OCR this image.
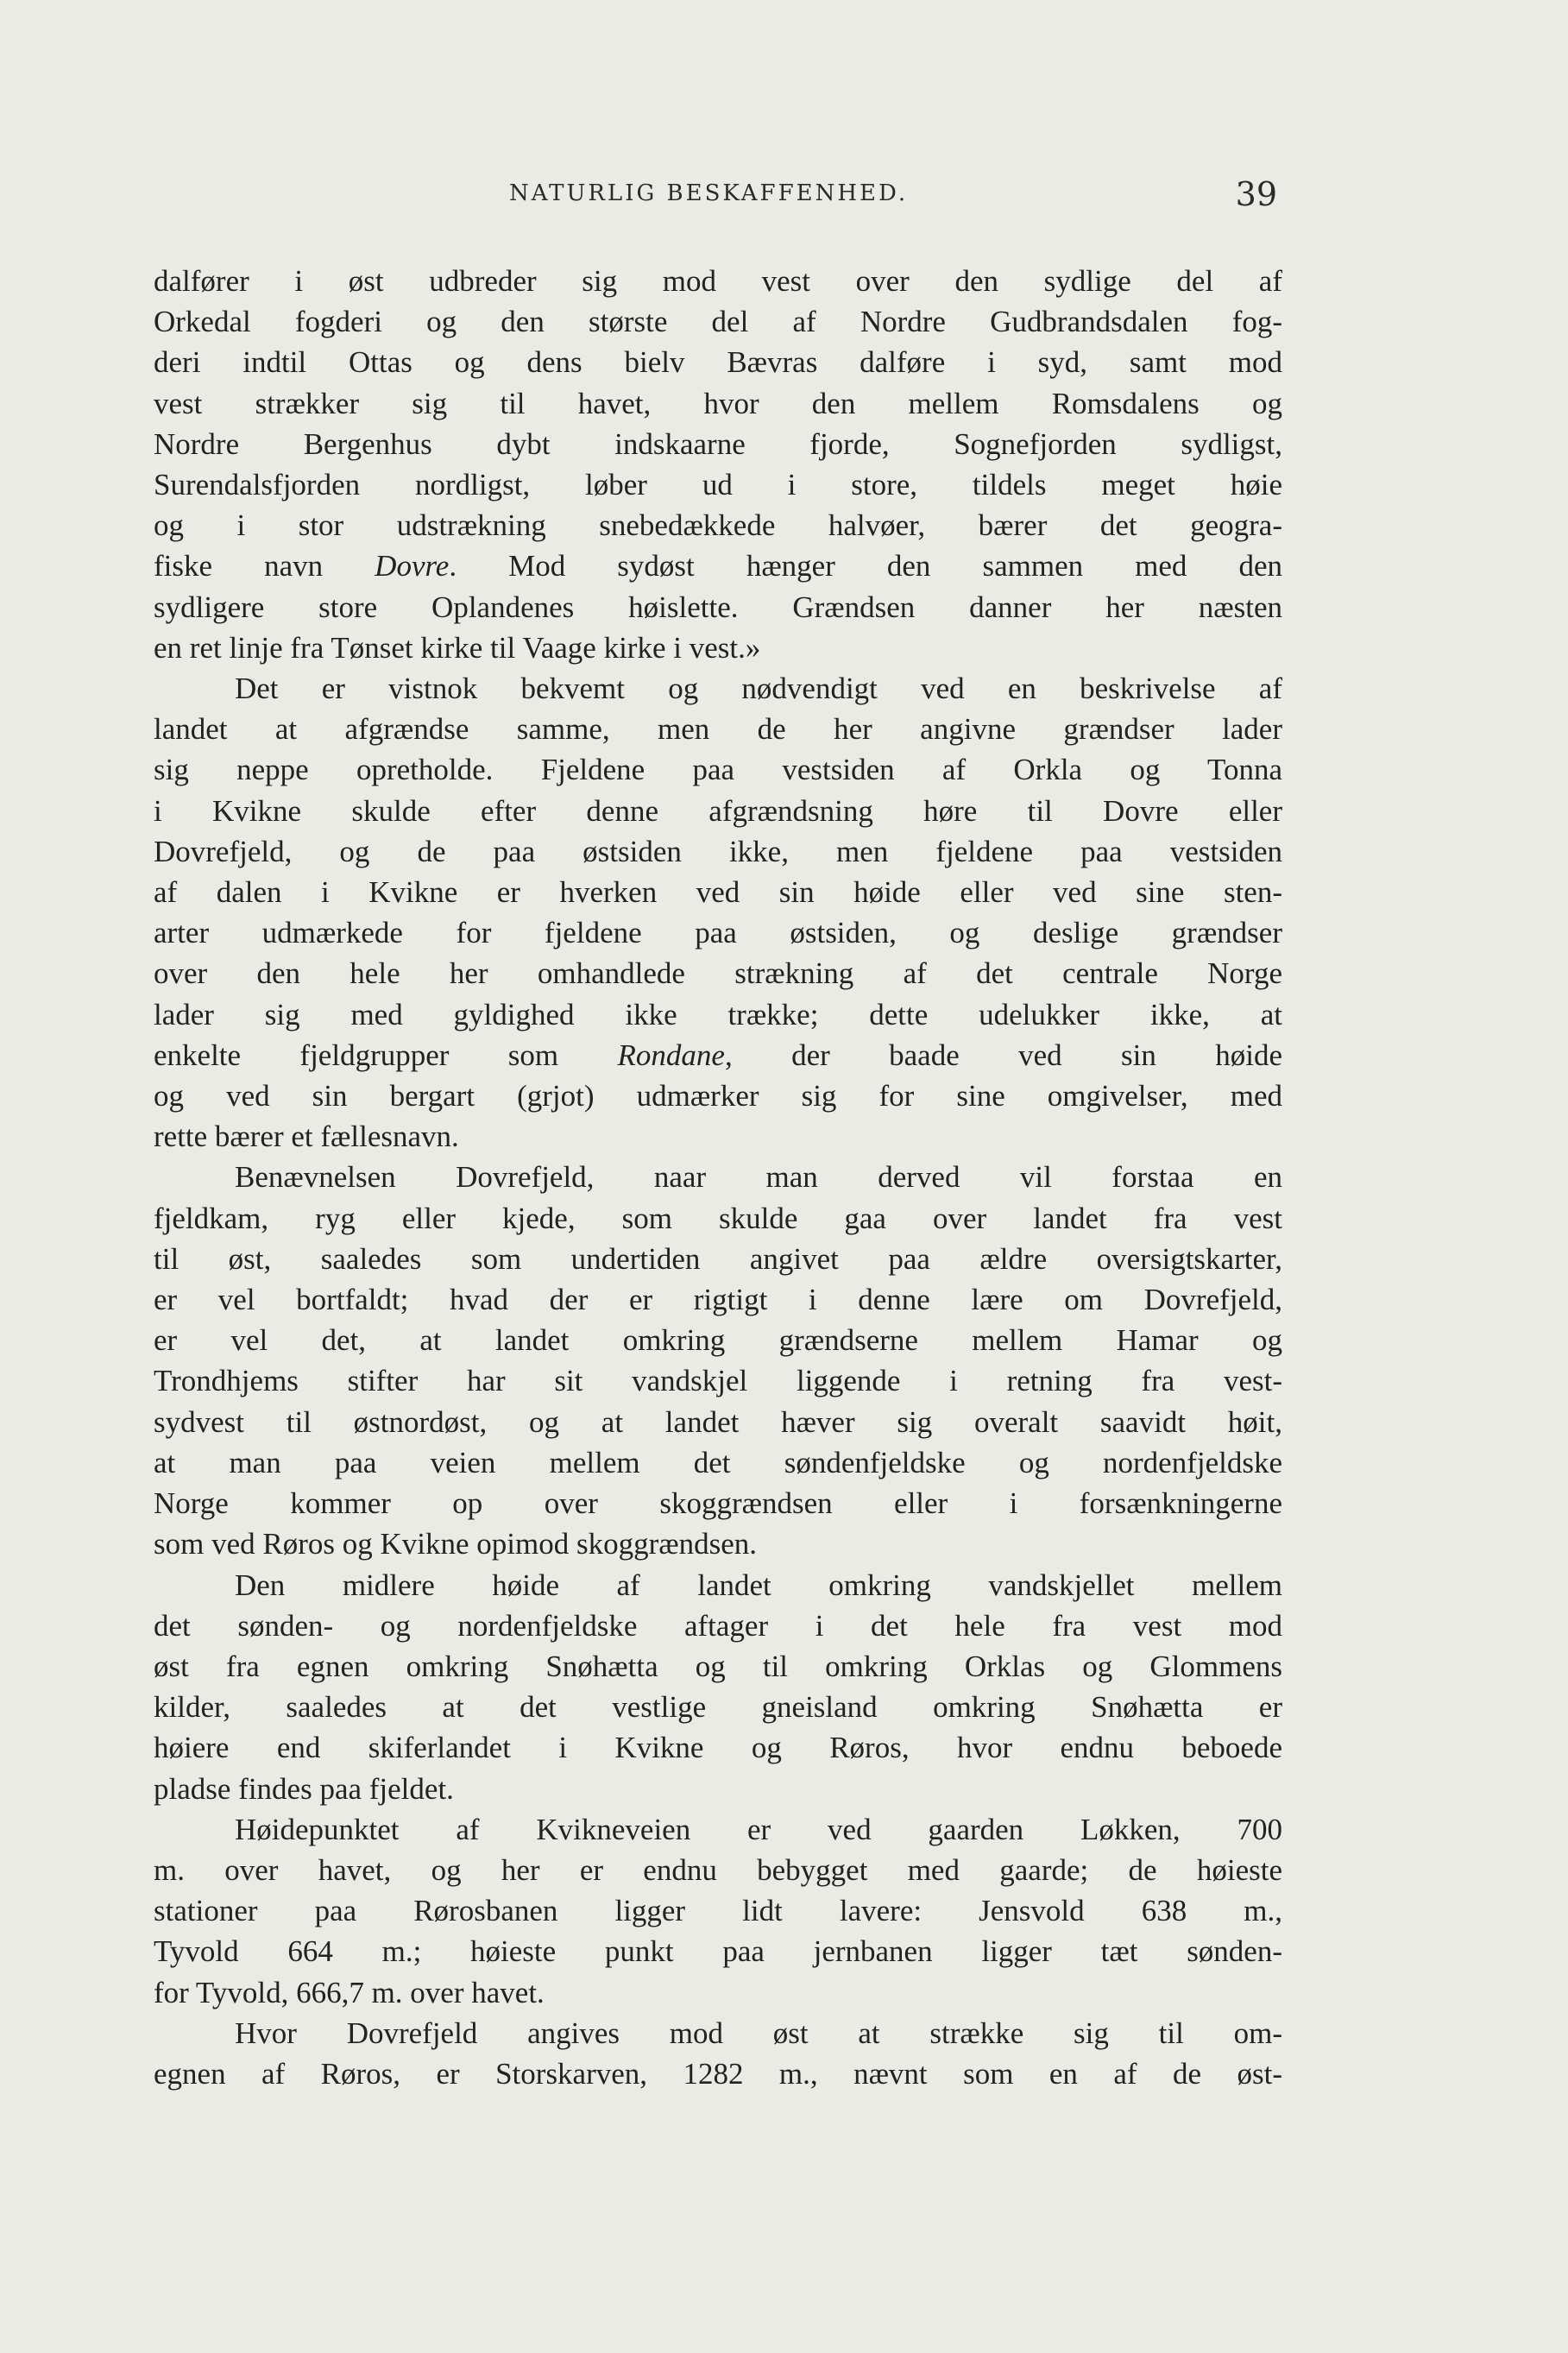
NATURLIG BESKAFFENHED.	39
dalfører i øst udbreder sig mod vest over den sydlige del af
Orkedal fogderi og den største del af Nordre Gudbrandsdalen fog-
deri indtil Ottas og dens bielv Bævras dalføre i syd, samt mod
vest strækker sig til havet, hvor den mellem Romsdalens og
Nordre Bergenhus dybt indskaarne fjorde, Sognefjorden sydligst,
Surendalsfjorden nordligst, løber ud i store, tildels meget høie
og i stor udstrækning snebedækkede halvøer, bærer det geogra-
fiske navn Dovre. Mod sydøst hænger den sammen med den
sydligere store Oplandenes høislette. Grændsen danner her næsten
en ret linje fra Tønset kirke til Vaage kirke i vest.»
Det er vistnok bekvemt og nødvendigt ved en beskrivelse af
landet at afgrændse samme, men de her angivne grændser lader
sig neppe opretholde. Fjeldene paa vestsiden af Orkla og Tonna
i Kvikne skulde efter denne afgrændsning høre til Dovre eller
Dovrefjeld, og de paa østsiden ikke, men fjeldene paa vestsiden
af dalen i Kvikne er hverken ved sin høide eller ved sine sten-
arter udmærkede for fjeldene paa østsiden, og deslige grændser
over den hele her omhandlede strækning af det centrale Norge
lader sig med gyldighed ikke trække; dette udelukker ikke, at
enkelte fjeldgrupper som Rondane, der baade ved sin høide
og ved sin bergart (grjot) udmærker sig for sine omgivelser, med
rette bærer et fællesnavn.
Benævnelsen Dovrefjeld, naar man derved vil forstaa en
fjeldkam, ryg eller kjede, som skulde gaa over landet fra vest
til øst, saaledes som undertiden angivet paa ældre oversigtskarter,
er vel bortfaldt; hvad der er rigtigt i denne lære om Dovrefjeld,
er vel det, at landet omkring grændserne mellem Hamar og
Trondhjems stifter har sit vandskjel liggende i retning fra vest-
sydvest til østnordøst, og at landet hæver sig overalt saavidt høit,
at man paa veien mellem det søndenfjeldske og nordenfjeldske
Norge kommer op over skoggrændsen eller i forsænkningerne
som ved Røros og Kvikne opimod skoggrændsen.
Den midlere høide af landet omkring vandskjellet mellem
det sønden- og nordenfjeldske aftager i det hele fra vest mod
øst fra egnen omkring Snøhætta og til omkring Orklas og Glommens
kilder, saaledes at det vestlige gneisland omkring Snøhætta er
høiere end skiferlandet i Kvikne og Røros, hvor endnu beboede
pladse findes paa fjeldet.
Høidepunktet af Kvikneveien er ved gaarden Løkken, 700
m. over havet, og her er endnu bebygget med gaarde; de høieste
stationer paa Rørosbanen ligger lidt lavere: Jensvold 638 m.,
Tyvold 664 m.; høieste punkt paa jernbanen ligger tæt sønden-
for Tyvold, 666,7 m. over havet.
Hvor Dovrefjeld angives mod øst at strække sig til om-
egnen af Røros, er Storskarven, 1282 m., nævnt som en af de øst-
